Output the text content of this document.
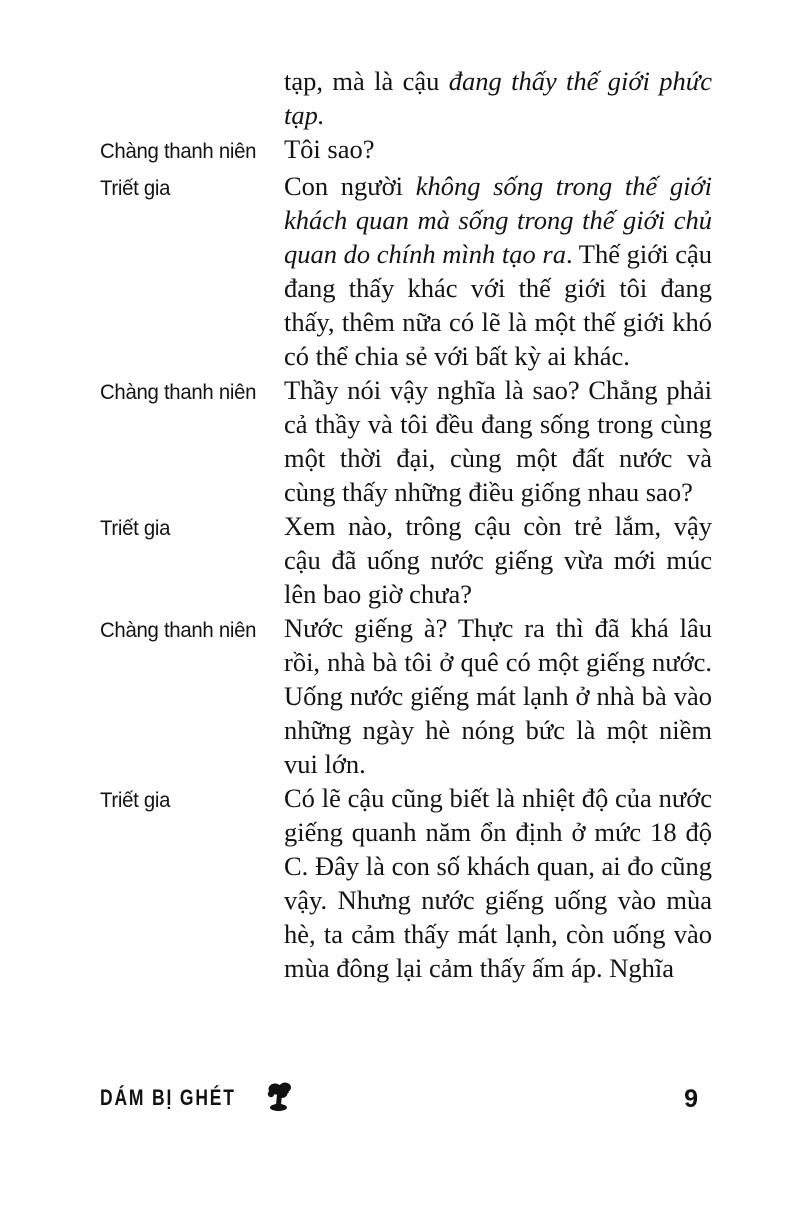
tạp, mà là cậu đang thấy thế giới phức tạp.

Chàng thanh niên	Tôi sao?

Triết gia	Con người không sống trong thế giới khách quan mà sống trong thế giới chủ quan do chính mình tạo ra. Thế giới cậu đang thấy khác với thế giới tôi đang thấy, thêm nữa có lẽ là một thế giới khó có thể chia sẻ với bất kỳ ai khác.

Chàng thanh niên	Thầy nói vậy nghĩa là sao? Chẳng phải cả thầy và tôi đều đang sống trong cùng một thời đại, cùng một đất nước và cùng thấy những điều giống nhau sao?

Triết gia	Xem nào, trông cậu còn trẻ lắm, vậy cậu đã uống nước giếng vừa mới múc lên bao giờ chưa?

Chàng thanh niên	Nước giếng à? Thực ra thì đã khá lâu rồi, nhà bà tôi ở quê có một giếng nước. Uống nước giếng mát lạnh ở nhà bà vào những ngày hè nóng bức là một niềm vui lớn.

Triết gia	Có lẽ cậu cũng biết là nhiệt độ của nước giếng quanh năm ổn định ở mức 18 độ C. Đây là con số khách quan, ai đo cũng vậy. Nhưng nước giếng uống vào mùa hè, ta cảm thấy mát lạnh, còn uống vào mùa đông lại cảm thấy ấm áp. Nghĩa

DÁM BỊ GHÉT	9
